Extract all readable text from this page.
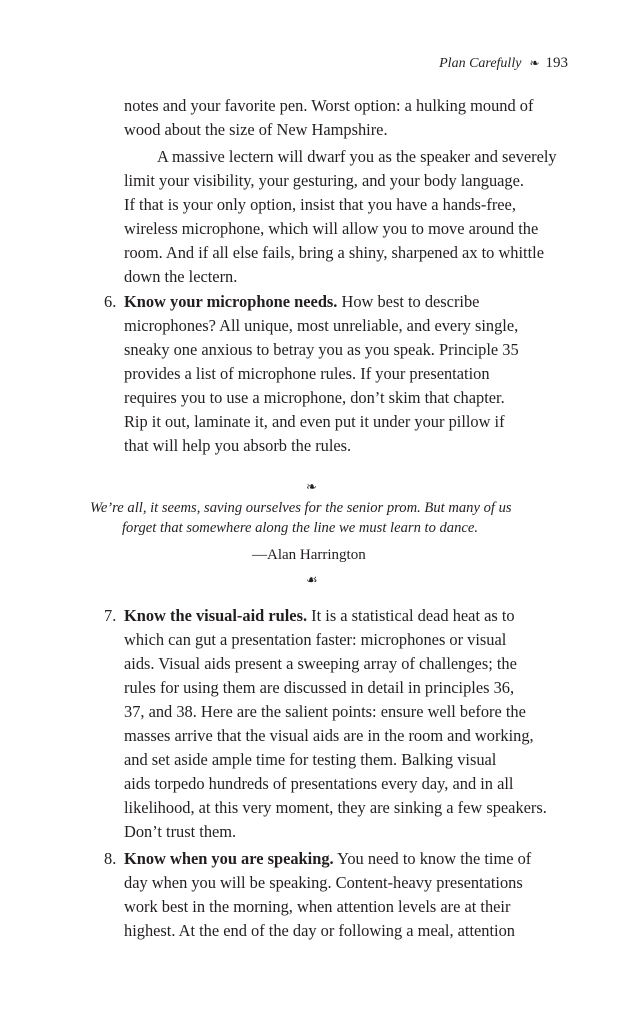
Plan Carefully ❧ 193
notes and your favorite pen. Worst option: a hulking mound of
wood about the size of New Hampshire.
A massive lectern will dwarf you as the speaker and severely
limit your visibility, your gesturing, and your body language.
If that is your only option, insist that you have a hands-free,
wireless microphone, which will allow you to move around the
room. And if all else fails, bring a shiny, sharpened ax to whittle
down the lectern.
6. Know your microphone needs. How best to describe
microphones? All unique, most unreliable, and every single,
sneaky one anxious to betray you as you speak. Principle 35
provides a list of microphone rules. If your presentation
requires you to use a microphone, don’t skim that chapter.
Rip it out, laminate it, and even put it under your pillow if
that will help you absorb the rules.
❧
We’re all, it seems, saving ourselves for the senior prom. But many of us
forget that somewhere along the line we must learn to dance.
—Alan Harrington
☙
7. Know the visual-aid rules. It is a statistical dead heat as to
which can gut a presentation faster: microphones or visual
aids. Visual aids present a sweeping array of challenges; the
rules for using them are discussed in detail in principles 36,
37, and 38. Here are the salient points: ensure well before the
masses arrive that the visual aids are in the room and working,
and set aside ample time for testing them. Balking visual
aids torpedo hundreds of presentations every day, and in all
likelihood, at this very moment, they are sinking a few speakers.
Don’t trust them.
8. Know when you are speaking. You need to know the time of
day when you will be speaking. Content-heavy presentations
work best in the morning, when attention levels are at their
highest. At the end of the day or following a meal, attention
